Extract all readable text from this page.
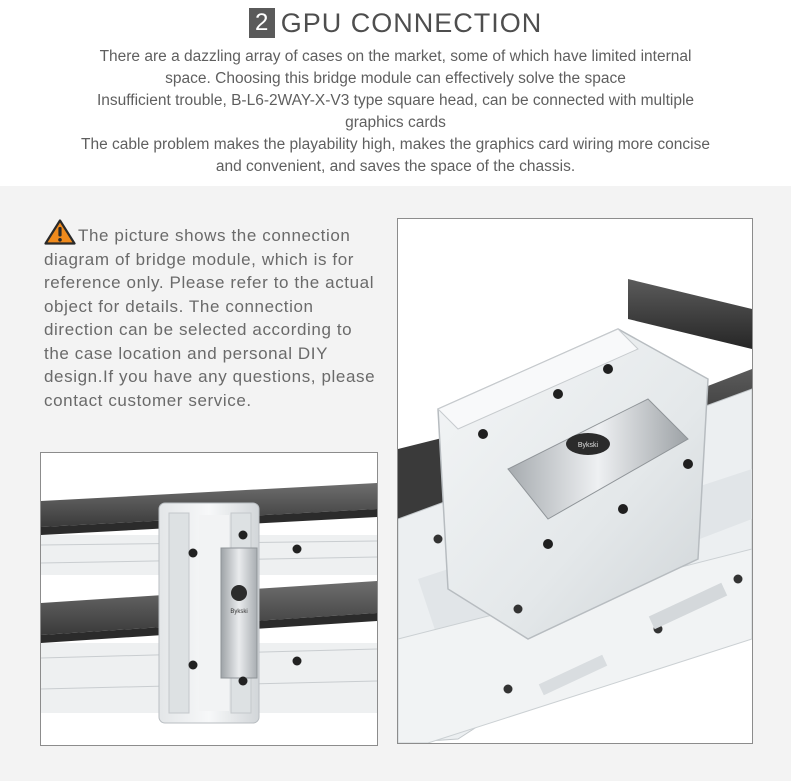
2 GPU CONNECTION

There are a dazzling array of cases on the market, some of which have limited internal

space. Choosing this bridge module can effectively solve the space

Insufficient trouble, B-L6-2WAY-X-V3 type square head, can be connected with multiple

graphics cards

The cable problem makes the playability high, makes the graphics card wiring more concise

and convenient, and saves the space of the chassis.

The picture shows the connection diagram of bridge module, which is for reference only. Please refer to the actual object for details. The connection direction can be selected according to the case location and personal DIY design.If you have any questions, please contact customer service.
Bykski
Bykski
